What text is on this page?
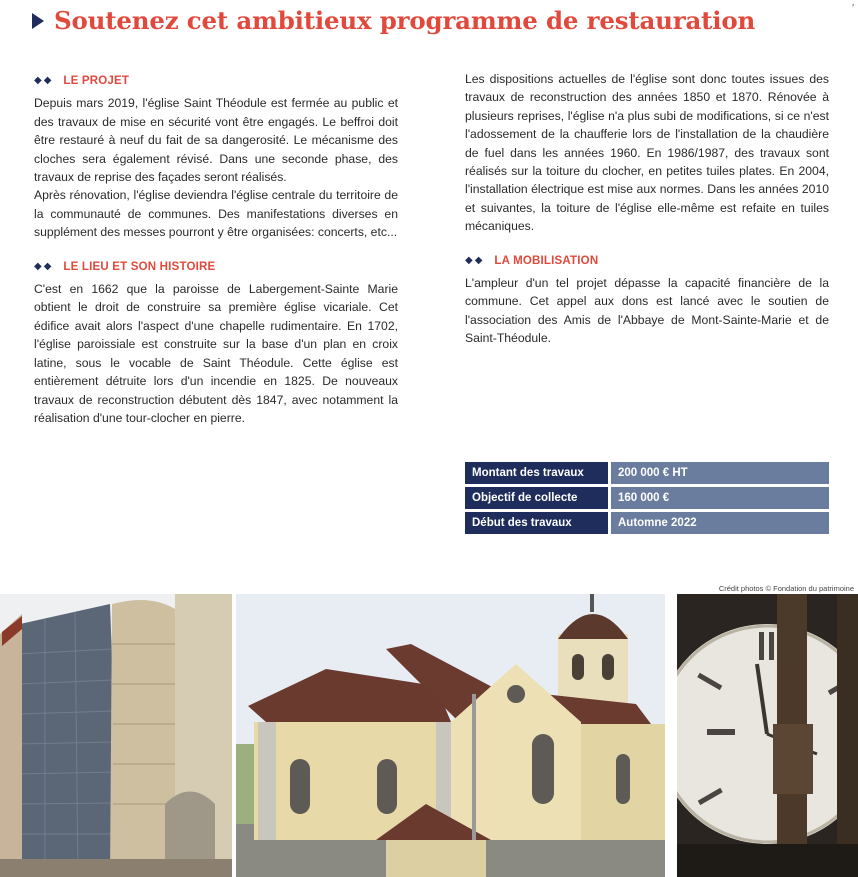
Soutenez cet ambitieux programme de restauration	′
◆◆ LE PROJET

Depuis mars 2019, l'église Saint Théodule est fermée au public et des travaux de mise en sécurité vont être engagés. Le beffroi doit être restauré à neuf du fait de sa dangerosité. Le mécanisme des cloches sera également révisé. Dans une seconde phase, des travaux de reprise des façades seront réalisés.

Après rénovation, l'église deviendra l'église centrale du territoire de la communauté de communes. Des manifestations diverses en supplément des messes pourront y être organisées: concerts, etc...

◆◆ LE LIEU ET SON HISTOIRE

C'est en 1662 que la paroisse de Labergement-Sainte Marie obtient le droit de construire sa première église vicariale. Cet édifice avait alors l'aspect d'une chapelle rudimentaire. En 1702, l'église paroissiale est construite sur la base d'un plan en croix latine, sous le vocable de Saint Théodule. Cette église est entièrement détruite lors d'un incendie en 1825. De nouveaux travaux de reconstruction débutent dès 1847, avec notamment la réalisation d'une tour-clocher en pierre.

Les dispositions actuelles de l'église sont donc toutes issues des travaux de reconstruction des années 1850 et 1870. Rénovée à plusieurs reprises, l'église n'a plus subi de modifications, si ce n'est l'adossement de la chaufferie lors de l'installation de la chaudière de fuel dans les années 1960. En 1986/1987, des travaux sont réalisés sur la toiture du clocher, en petites tuiles plates. En 2004, l'installation électrique est mise aux normes. Dans les années 2010 et suivantes, la toiture de l'église elle-même est refaite en tuiles mécaniques.

◆◆ LA MOBILISATION

L'ampleur d'un tel projet dépasse la capacité financière de la commune. Cet appel aux dons est lancé avec le soutien de l'association des Amis de l'Abbaye de Mont-Sainte-Marie et de Saint-Théodule.

Montant des travaux	200 000 € HT
Objectif de collecte	160 000 €
Début des travaux	Automne 2022
Crédit photos © Fondation du patrimoine
